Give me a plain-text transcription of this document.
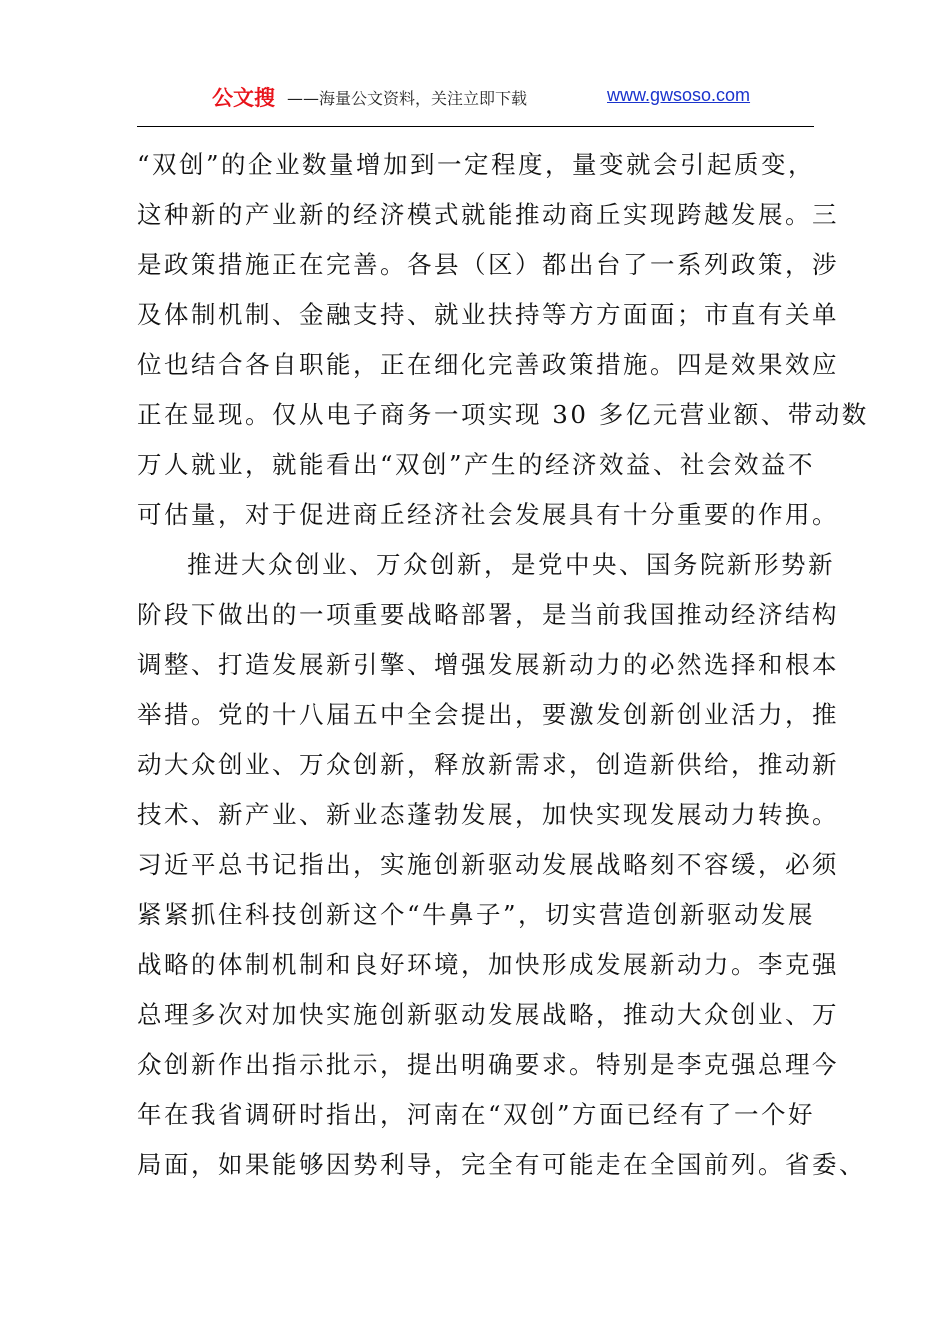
公文搜 ——海量公文资料，关注立即下载	www.gwsoso.com
“双创”的企业数量增加到一定程度，量变就会引起质变，
这种新的产业新的经济模式就能推动商丘实现跨越发展。三
是政策措施正在完善。各县（区）都出台了一系列政策，涉
及体制机制、金融支持、就业扶持等方方面面；市直有关单
位也结合各自职能，正在细化完善政策措施。四是效果效应
正在显现。仅从电子商务一项实现 30 多亿元营业额、带动数
万人就业，就能看出“双创”产生的经济效益、社会效益不
可估量，对于促进商丘经济社会发展具有十分重要的作用。
推进大众创业、万众创新，是党中央、国务院新形势新
阶段下做出的一项重要战略部署，是当前我国推动经济结构
调整、打造发展新引擎、增强发展新动力的必然选择和根本
举措。党的十八届五中全会提出，要激发创新创业活力，推
动大众创业、万众创新，释放新需求，创造新供给，推动新
技术、新产业、新业态蓬勃发展，加快实现发展动力转换。
习近平总书记指出，实施创新驱动发展战略刻不容缓，必须
紧紧抓住科技创新这个“牛鼻子”，切实营造创新驱动发展
战略的体制机制和良好环境，加快形成发展新动力。李克强
总理多次对加快实施创新驱动发展战略，推动大众创业、万
众创新作出指示批示，提出明确要求。特别是李克强总理今
年在我省调研时指出，河南在“双创”方面已经有了一个好
局面，如果能够因势利导，完全有可能走在全国前列。省委、
